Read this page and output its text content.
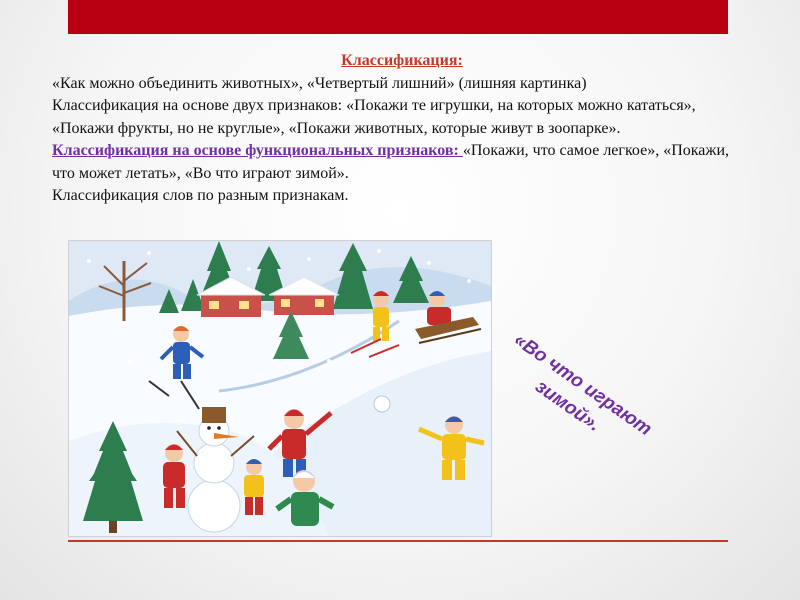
Классификация:

«Как можно объединить животных», «Четвертый лишний» (лишняя картинка)

Классификация на основе двух признаков: «Покажи те игрушки, на которых можно кататься», «Покажи фрукты, но не круглые», «Покажи животных, которые живут в зоопарке».

Классификация на основе функциональных признаков: «Покажи, что самое легкое», «Покажи, что может летать», «Во что играют зимой».

Классификация слов по разным признакам.

«Во что играют зимой».
